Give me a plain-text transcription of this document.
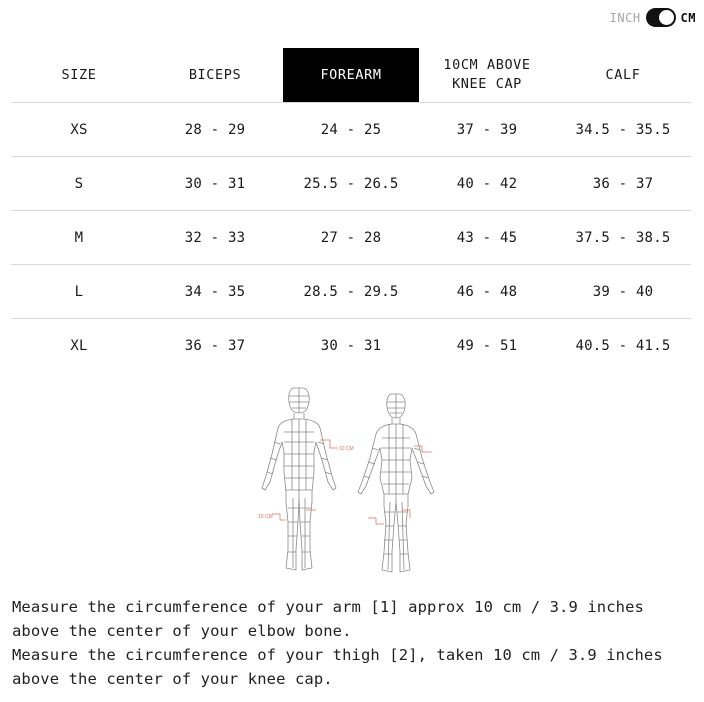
INCH	CM
SIZE	BICEPS	FOREARM	10CM ABOVE
KNEE CAP	CALF
XS	28 - 29	24 - 25	37 - 39	34.5 - 35.5
S	30 - 31	25.5 - 26.5	40 - 42	36 - 37
M	32 - 33	27 - 28	43 - 45	37.5 - 38.5
L	34 - 35	28.5 - 29.5	46 - 48	39 - 40
XL	36 - 37	30 - 31	49 - 51	40.5 - 41.5
10 CM
10 CM

Measure the circumference of your arm [1] approx 10 cm / 3.9 inches above the center of your elbow bone.

Measure the circumference of your thigh [2], taken 10 cm / 3.9 inches above the center of your knee cap.
